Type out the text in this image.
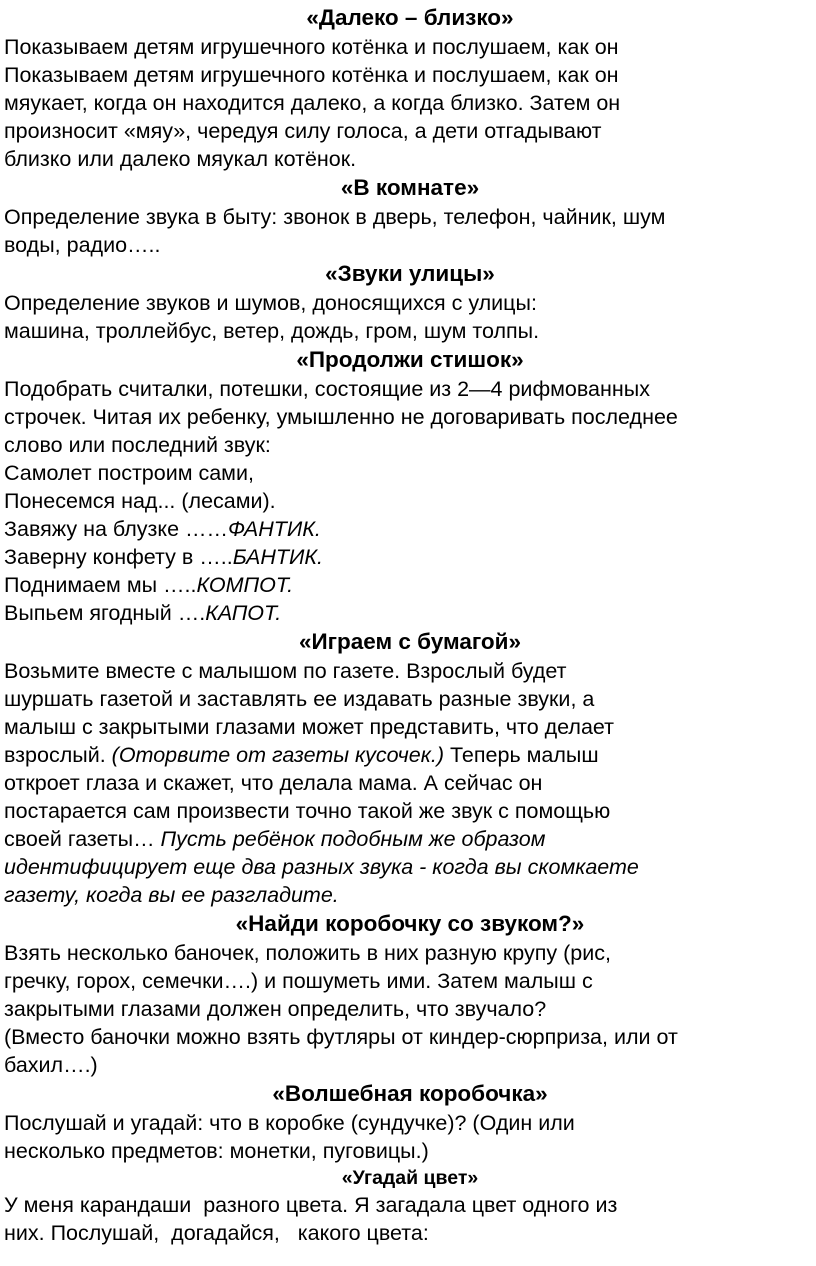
«Далеко – близко»
Показываем детям игрушечного котёнка и послушаем, как он
Показываем детям игрушечного котёнка и послушаем, как он
мяукает, когда он находится далеко, а когда близко. Затем он
произносит «мяу», чередуя силу голоса, а дети отгадывают
близко или далеко мяукал котёнок.
«В комнате»
Определение звука в быту: звонок в дверь, телефон, чайник, шум
воды, радио…..
«Звуки улицы»
Определение звуков и шумов, доносящихся с улицы:
машина, троллейбус, ветер, дождь, гром, шум толпы.
«Продолжи стишок»
Подобрать считалки, потешки, состоящие из 2—4 рифмованных
строчек. Читая их ребенку, умышленно не договаривать последнее
слово или последний звук:
Самолет построим сами,
Понесемся над... (лесами).
Завяжу на блузке ……ФАНТИК.
Заверну конфету в …..БАНТИК.
Поднимаем мы …..КОМПОТ.
Выпьем ягодный ….КАПОТ.
«Играем с бумагой»
Возьмите вместе с малышом по газете. Взрослый будет
шуршать газетой и заставлять ее издавать разные звуки, а
малыш с закрытыми глазами может представить, что делает
взрослый. (Оторвите от газеты кусочек.) Теперь малыш
откроет глаза и скажет, что делала мама. А сейчас он
постарается сам произвести точно такой же звук с помощью
своей газеты… Пусть ребёнок подобным же образом
идентифицирует еще два разных звука - когда вы скомкаете
газету, когда вы ее разгладите.
«Найди коробочку со звуком?»
Взять несколько баночек, положить в них разную крупу (рис,
гречку, горох, семечки….) и пошуметь ими. Затем малыш с
закрытыми глазами должен определить, что звучало?
(Вместо баночки можно взять футляры от киндер-сюрприза, или от
бахил….)
«Волшебная коробочка»
Послушай и угадай: что в коробке (сундучке)? (Один или
несколько предметов: монетки, пуговицы.)
«Угадай цвет»
У меня карандаши  разного цвета. Я загадала цвет одного из
них. Послушай,  догадайся,   какого цвета:
